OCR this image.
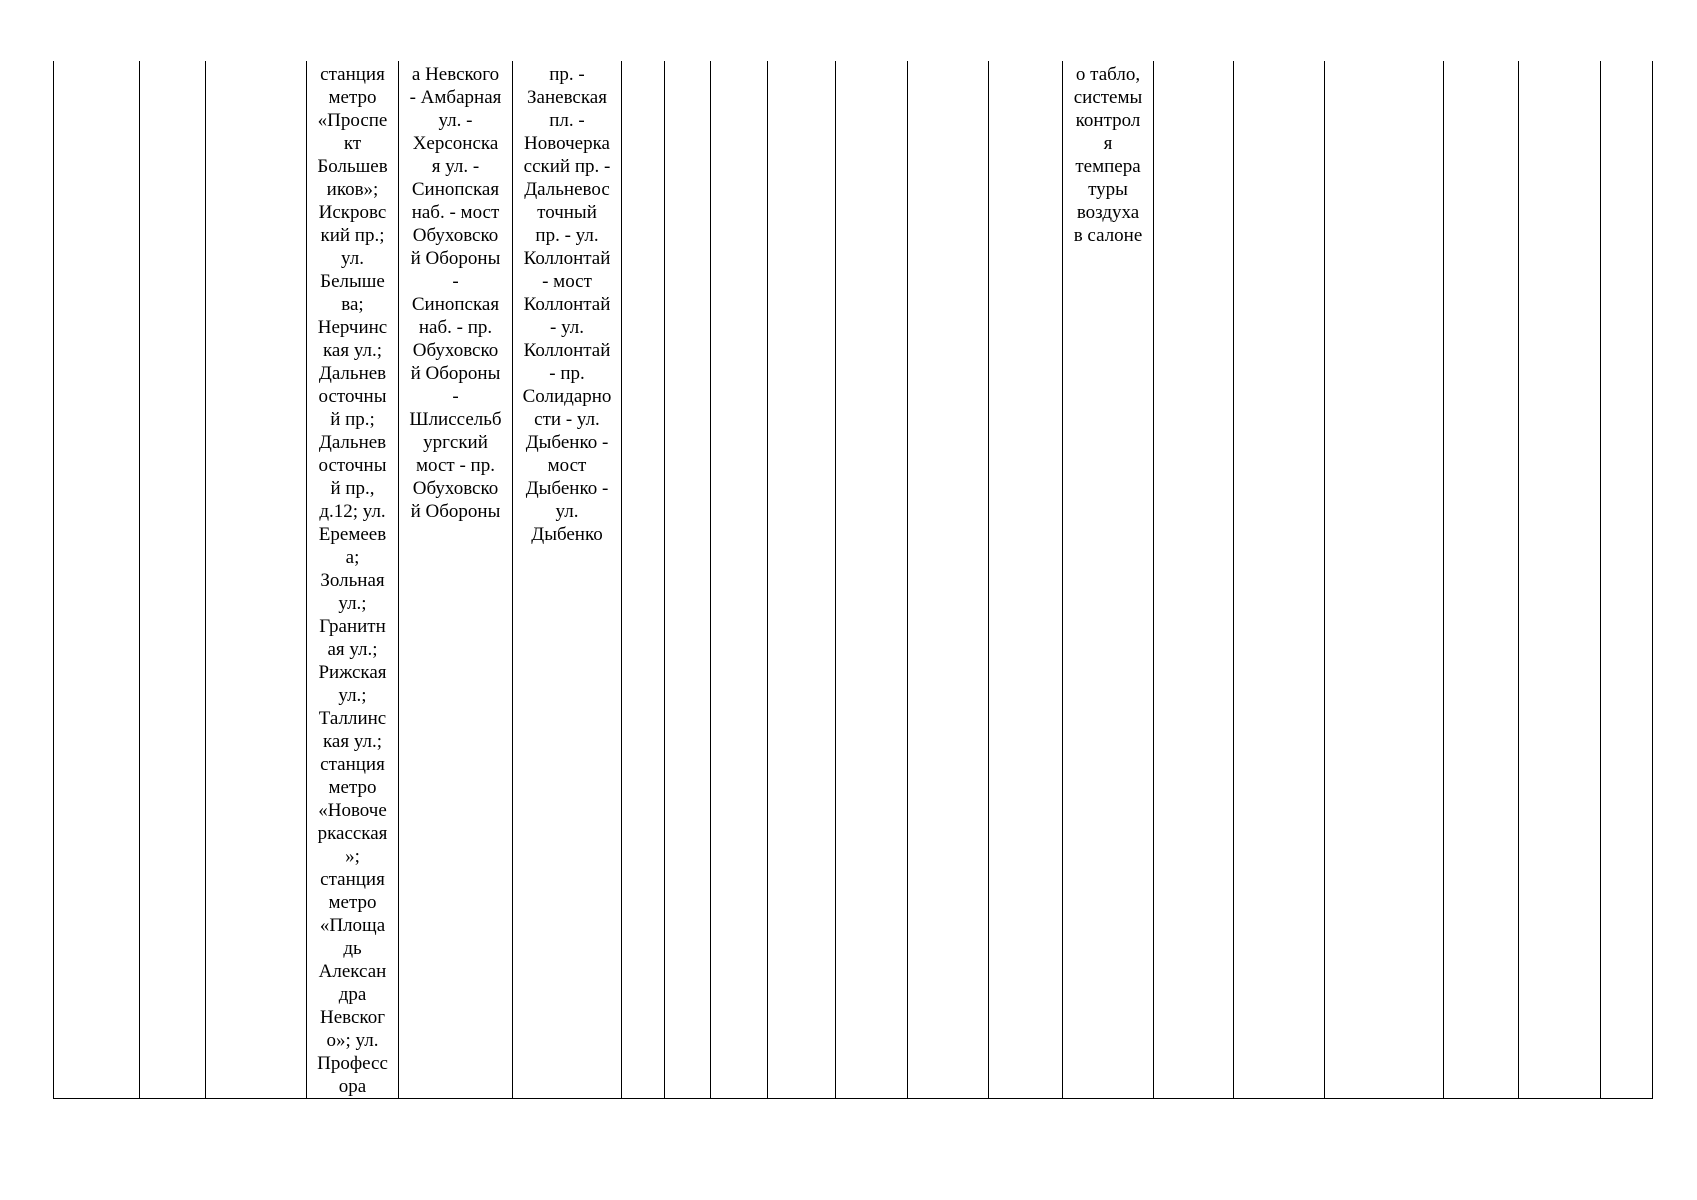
станция
метро
«Проспе
кт
Большев
иков»;
Искровс
кий пр.;
ул.
Белыше
ва;
Нерчинс
кая ул.;
Дальнев
осточны
й пр.;
Дальнев
осточны
й пр.,
д.12; ул.
Еремеев
а;
Зольная
ул.;
Гранитн
ая ул.;
Рижская
ул.;
Таллинс
кая ул.;
станция
метро
«Новоче
ркасская
»;
станция
метро
«Площа
дь
Алексан
дра
Невског
о»; ул.
Професс
ора
а Невского
- Амбарная
ул. -
Херсонска
я ул. -
Синопская
наб. - мост
Обуховско
й Обороны
-
Синопская
наб. - пр.
Обуховско
й Обороны
-
Шлиссельб
ургский
мост - пр.
Обуховско
й Обороны
пр. -
Заневская
пл. -
Новочерка
сский пр. -
Дальневос
точный
пр. - ул.
Коллонтай
- мост
Коллонтай
- ул.
Коллонтай
- пр.
Солидарно
сти - ул.
Дыбенко -
мост
Дыбенко -
ул.
Дыбенко
о табло,
системы
контрол
я
темпера
туры
воздуха
в салоне
